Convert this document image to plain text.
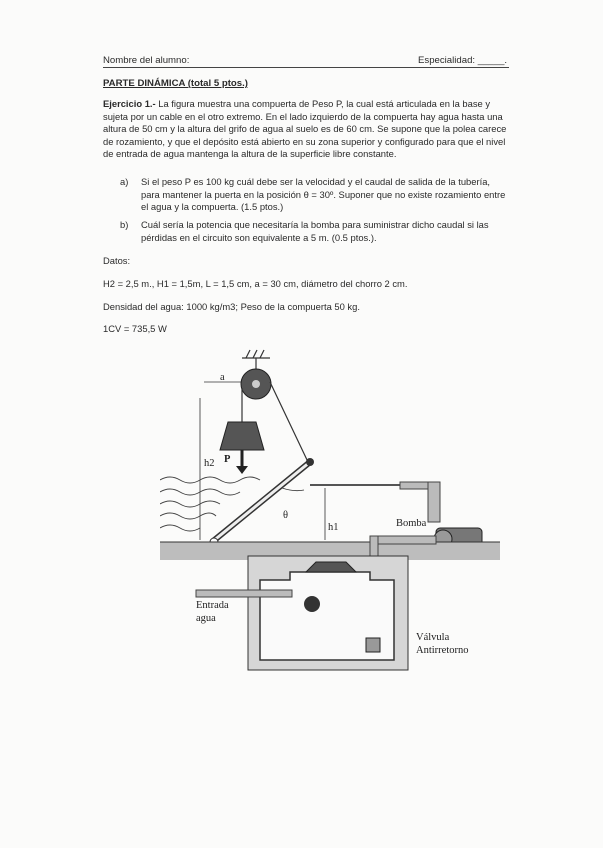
Nombre del alumno:	Especialidad: _____.
PARTE DINÁMICA (total 5 ptos.)
Ejercicio 1.- La figura muestra una compuerta de Peso P, la cual está articulada en la base y sujeta por un cable en el otro extremo. En el lado izquierdo de la compuerta hay agua hasta una altura de 50 cm y la altura del grifo de agua al suelo es de 60 cm. Se supone que la polea carece de rozamiento, y que el depósito está abierto en su zona superior y configurado para que el nivel de entrada de agua mantenga la altura de la superficie libre constante.
a) Si el peso P es 100 kg cuál debe ser la velocidad y el caudal de salida de la tubería, para mantener la puerta en la posición θ = 30º. Suponer que no existe rozamiento entre el agua y la compuerta. (1.5 ptos.)
b) Cuál sería la potencia que necesitaría la bomba para suministrar dicho caudal si las pérdidas en el circuito son equivalente a 5 m. (0.5 ptos.).
Datos:
H2 = 2,5 m., H1 = 1,5m, L = 1,5 cm, a = 30 cm, diámetro del chorro 2 cm.
Densidad del agua: 1000 kg/m3; Peso de la compuerta 50 kg.
1CV = 735,5 W
a
P
h2
θ
h1	Bomba
Entrada
agua
Válvula
Antirretorno
